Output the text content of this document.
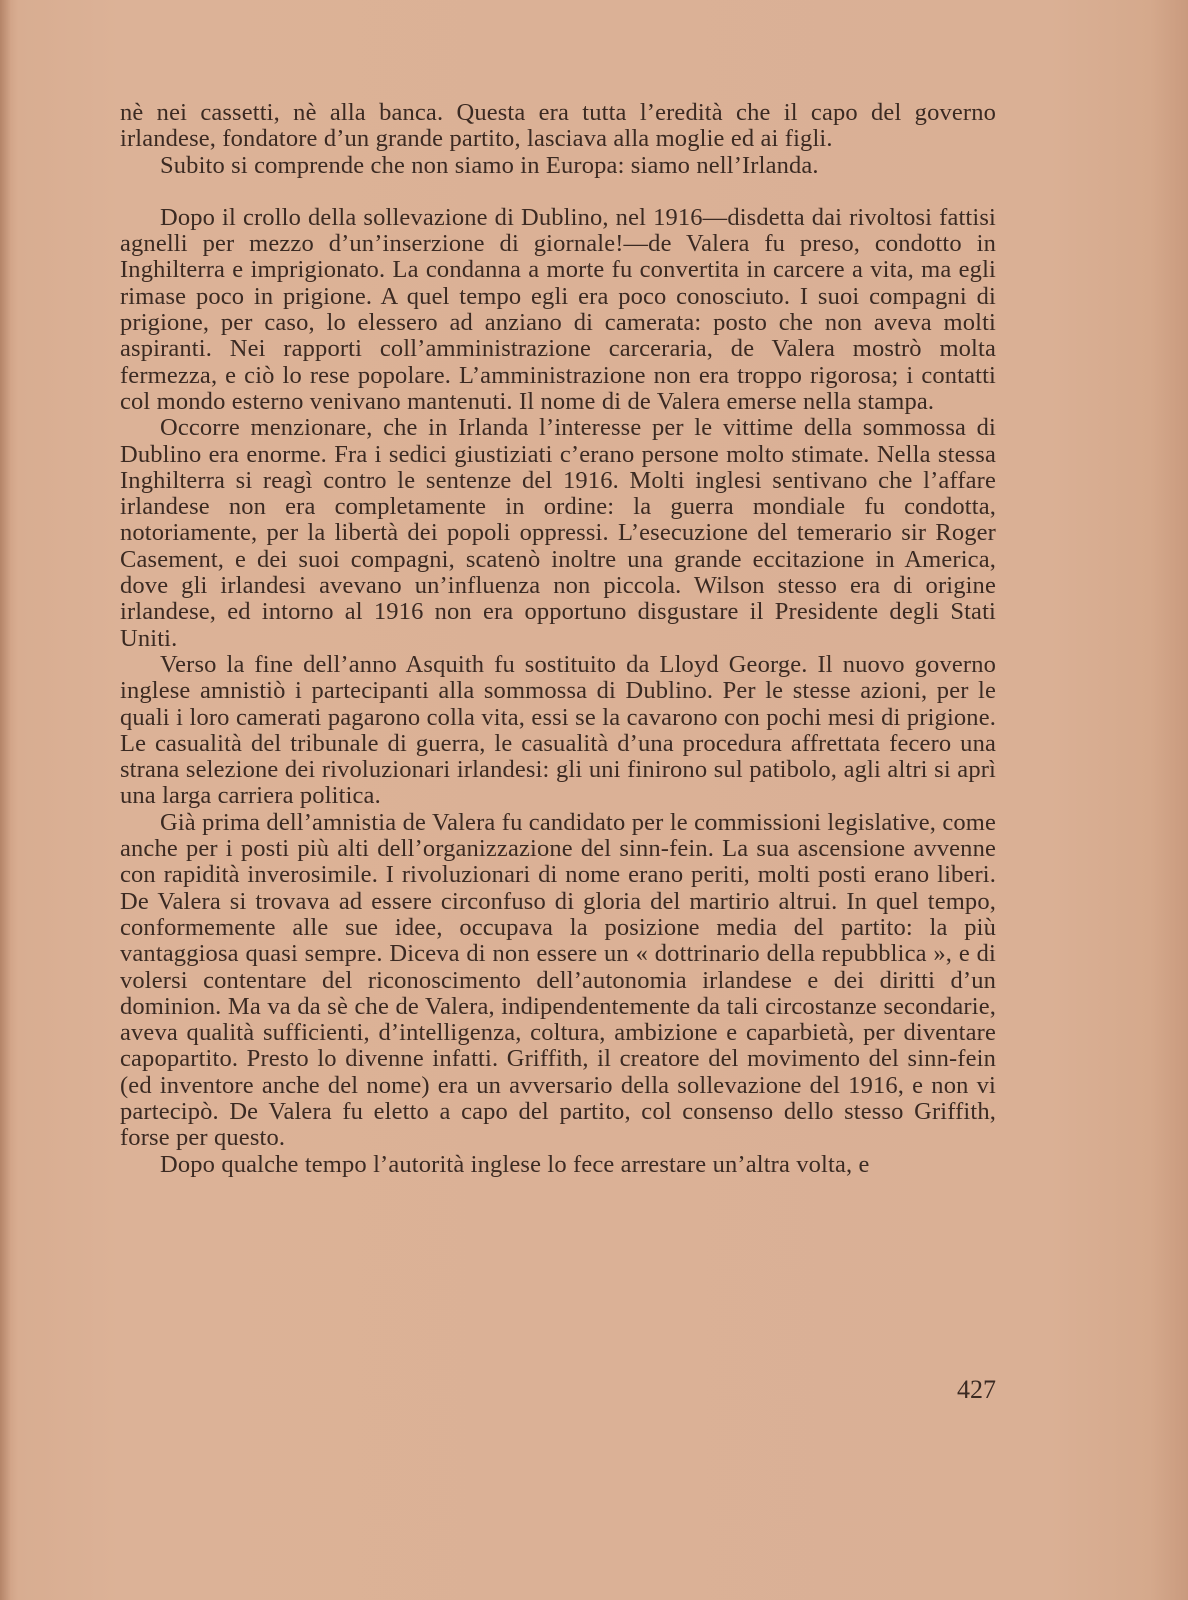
nè nei cassetti, nè alla banca. Questa era tutta l’eredità che il capo del governo irlandese, fondatore d’un grande partito, lasciava alla moglie ed ai figli.

Subito si comprende che non siamo in Europa: siamo nell’Irlanda.

Dopo il crollo della sollevazione di Dublino, nel 1916—disdetta dai rivoltosi fattisi agnelli per mezzo d’un’inserzione di giornale!—de Valera fu preso, condotto in Inghilterra e imprigionato. La condanna a morte fu convertita in carcere a vita, ma egli rimase poco in prigione. A quel tempo egli era poco conosciuto. I suoi compagni di prigione, per caso, lo elessero ad anziano di camerata: posto che non aveva molti aspiranti. Nei rapporti coll’amministrazione carceraria, de Valera mostrò molta fermezza, e ciò lo rese popolare. L’amministrazione non era troppo rigorosa; i contatti col mondo esterno venivano mantenuti. Il nome di de Valera emerse nella stampa.

Occorre menzionare, che in Irlanda l’interesse per le vittime della sommossa di Dublino era enorme. Fra i sedici giustiziati c’erano persone molto stimate. Nella stessa Inghilterra si reagì contro le sentenze del 1916. Molti inglesi sentivano che l’affare irlandese non era completamente in ordine: la guerra mondiale fu condotta, notoriamente, per la libertà dei popoli oppressi. L’esecuzione del temerario sir Roger Casement, e dei suoi compagni, scatenò inoltre una grande eccitazione in America, dove gli irlandesi avevano un’influenza non piccola. Wilson stesso era di origine irlandese, ed intorno al 1916 non era opportuno disgustare il Presidente degli Stati Uniti.

Verso la fine dell’anno Asquith fu sostituito da Lloyd George. Il nuovo governo inglese amnistiò i partecipanti alla sommossa di Dublino. Per le stesse azioni, per le quali i loro camerati pagarono colla vita, essi se la cavarono con pochi mesi di prigione. Le casualità del tribunale di guerra, le casualità d’una procedura affrettata fecero una strana selezione dei rivoluzionari irlandesi: gli uni finirono sul patibolo, agli altri si aprì una larga carriera politica.

Già prima dell’amnistia de Valera fu candidato per le commissioni legislative, come anche per i posti più alti dell’organizzazione del sinn-fein. La sua ascensione avvenne con rapidità inverosimile. I rivoluzionari di nome erano periti, molti posti erano liberi. De Valera si trovava ad essere circonfuso di gloria del martirio altrui. In quel tempo, conformemente alle sue idee, occupava la posizione media del partito: la più vantaggiosa quasi sempre. Diceva di non essere un « dottrinario della repubblica », e di volersi contentare del riconoscimento dell’autonomia irlandese e dei diritti d’un dominion. Ma va da sè che de Valera, indipendentemente da tali circostanze secondarie, aveva qualità sufficienti, d’intelligenza, coltura, ambizione e caparbietà, per diventare capopartito. Presto lo divenne infatti. Griffith, il creatore del movimento del sinn-fein (ed inventore anche del nome) era un avversario della sollevazione del 1916, e non vi partecipò. De Valera fu eletto a capo del partito, col consenso dello stesso Griffith, forse per questo.

Dopo qualche tempo l’autorità inglese lo fece arrestare un’altra volta, e

427
